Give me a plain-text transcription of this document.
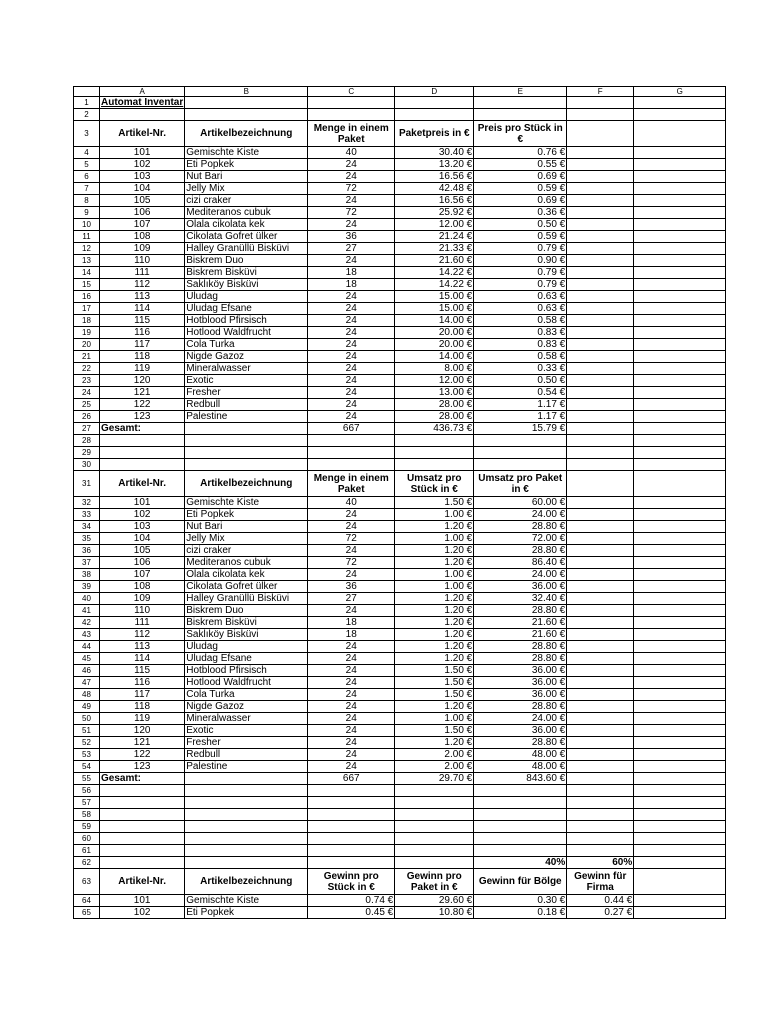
	A	B	C	D	E	F	G
1	Automat Inventar						
2							
3	Artikel-Nr.	Artikelbezeichnung	Menge in einem Paket	Paketpreis in €	Preis pro Stück in €		
4	101	Gemischte Kiste	40	30.40 €	0.76 €		
5	102	Eti Popkek	24	13.20 €	0.55 €		
6	103	Nut Bari	24	16.56 €	0.69 €		
7	104	Jelly Mix	72	42.48 €	0.59 €		
8	105	cizi craker	24	16.56 €	0.69 €		
9	106	Mediteranos cubuk	72	25.92 €	0.36 €		
10	107	Olala cikolata kek	24	12.00 €	0.50 €		
11	108	Cikolata Gofret ülker	36	21.24 €	0.59 €		
12	109	Halley Granüllü Bisküvi	27	21.33 €	0.79 €		
13	110	Biskrem Duo	24	21.60 €	0.90 €		
14	111	Biskrem Bisküvi	18	14.22 €	0.79 €		
15	112	Saklıköy Bisküvi	18	14.22 €	0.79 €		
16	113	Uludag	24	15.00 €	0.63 €		
17	114	Uludag Efsane	24	15.00 €	0.63 €		
18	115	Hotblood Pfirsisch	24	14.00 €	0.58 €		
19	116	Hotlood Waldfrucht	24	20.00 €	0.83 €		
20	117	Cola Turka	24	20.00 €	0.83 €		
21	118	Nigde Gazoz	24	14.00 €	0.58 €		
22	119	Mineralwasser	24	8.00 €	0.33 €		
23	120	Exotic	24	12.00 €	0.50 €		
24	121	Fresher	24	13.00 €	0.54 €		
25	122	Redbull	24	28.00 €	1.17 €		
26	123	Palestine	24	28.00 €	1.17 €		
27	Gesamt:		667	436.73 €	15.79 €		
28							
29							
30							
31	Artikel-Nr.	Artikelbezeichnung	Menge in einem Paket	Umsatz pro Stück in €	Umsatz pro Paket in €		
32	101	Gemischte Kiste	40	1.50 €	60.00 €		
33	102	Eti Popkek	24	1.00 €	24.00 €		
34	103	Nut Bari	24	1.20 €	28.80 €		
35	104	Jelly Mix	72	1.00 €	72.00 €		
36	105	cizi craker	24	1.20 €	28.80 €		
37	106	Mediteranos cubuk	72	1.20 €	86.40 €		
38	107	Olala cikolata kek	24	1.00 €	24.00 €		
39	108	Cikolata Gofret ülker	36	1.00 €	36.00 €		
40	109	Halley Granüllü Bisküvi	27	1.20 €	32.40 €		
41	110	Biskrem Duo	24	1.20 €	28.80 €		
42	111	Biskrem Bisküvi	18	1.20 €	21.60 €		
43	112	Saklıköy Bisküvi	18	1.20 €	21.60 €		
44	113	Uludag	24	1.20 €	28.80 €		
45	114	Uludag Efsane	24	1.20 €	28.80 €		
46	115	Hotblood Pfirsisch	24	1.50 €	36.00 €		
47	116	Hotlood Waldfrucht	24	1.50 €	36.00 €		
48	117	Cola Turka	24	1.50 €	36.00 €		
49	118	Nigde Gazoz	24	1.20 €	28.80 €		
50	119	Mineralwasser	24	1.00 €	24.00 €		
51	120	Exotic	24	1.50 €	36.00 €		
52	121	Fresher	24	1.20 €	28.80 €		
53	122	Redbull	24	2.00 €	48.00 €		
54	123	Palestine	24	2.00 €	48.00 €		
55	Gesamt:		667	29.70 €	843.60 €		
56							
57							
58							
59							
60							
61							
62					40%	60%	
63	Artikel-Nr.	Artikelbezeichnung	Gewinn pro Stück in €	Gewinn pro Paket in €	Gewinn für Bölge	Gewinn für Firma	
64	101	Gemischte Kiste	0.74 €	29.60 €	0.30 €	0.44 €	
65	102	Eti Popkek	0.45 €	10.80 €	0.18 €	0.27 €	
